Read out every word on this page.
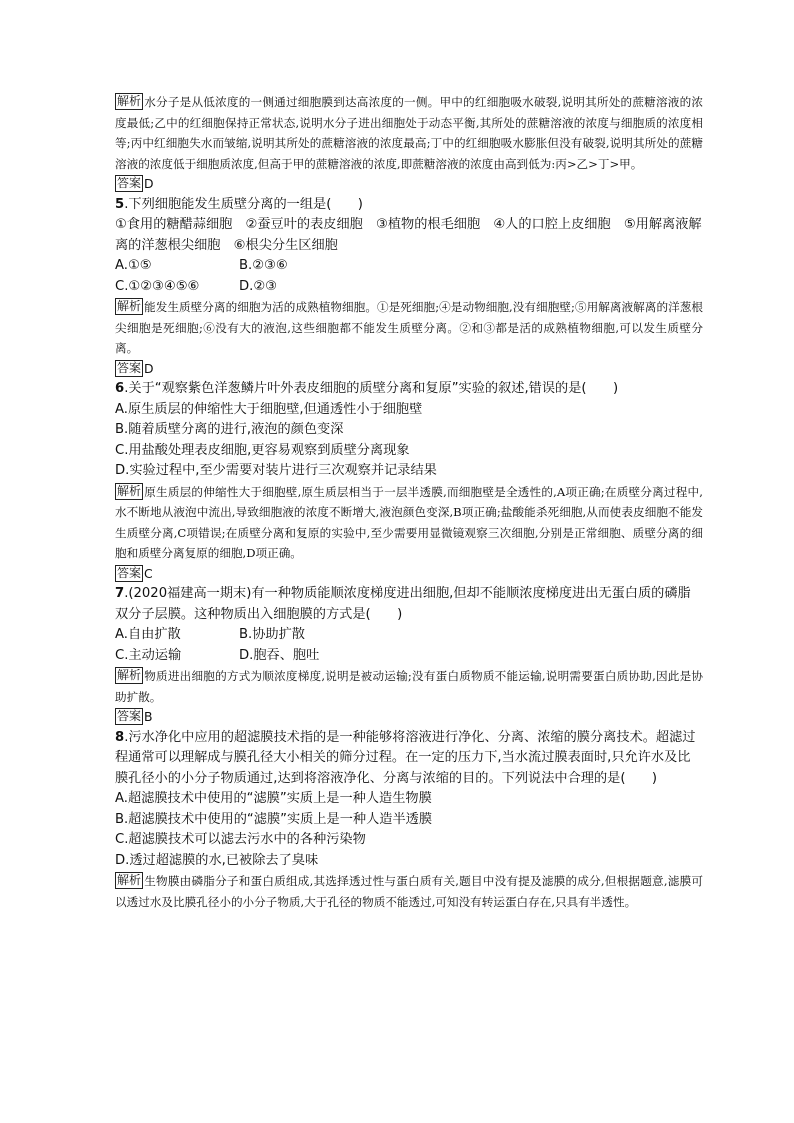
解析 水分子是从低浓度的一侧通过细胞膜到达高浓度的一侧。甲中的红细胞吸水破裂,说明其所处的蔗糖溶液的浓度最低;乙中的红细胞保持正常状态,说明水分子进出细胞处于动态平衡,其所处的蔗糖溶液的浓度与细胞质的浓度相等;丙中红细胞失水而皱缩,说明其所处的蔗糖溶液的浓度最高;丁中的红细胞吸水膨胀但没有破裂,说明其所处的蔗糖溶液的浓度低于细胞质浓度,但高于甲的蔗糖溶液的浓度,即蔗糖溶液的浓度由高到低为:丙>乙>丁>甲。

答案 D

5.下列细胞能发生质壁分离的一组是(　　)

①食用的糖醋蒜细胞　②蚕豆叶的表皮细胞　③植物的根毛细胞　④人的口腔上皮细胞　⑤用解离液解离的洋葱根尖细胞　⑥根尖分生区细胞

A.①⑤	B.②③⑥
C.①②③④⑤⑥	D.②③

解析 能发生质壁分离的细胞为活的成熟植物细胞。①是死细胞;④是动物细胞,没有细胞壁;⑤用解离液解离的洋葱根尖细胞是死细胞;⑥没有大的液泡,这些细胞都不能发生质壁分离。②和③都是活的成熟植物细胞,可以发生质壁分离。

答案 D

6.关于“观察紫色洋葱鳞片叶外表皮细胞的质壁分离和复原”实验的叙述,错误的是(　　)

A.原生质层的伸缩性大于细胞壁,但通透性小于细胞壁

B.随着质壁分离的进行,液泡的颜色变深

C.用盐酸处理表皮细胞,更容易观察到质壁分离现象

D.实验过程中,至少需要对装片进行三次观察并记录结果

解析 原生质层的伸缩性大于细胞壁,原生质层相当于一层半透膜,而细胞壁是全透性的,A项正确;在质壁分离过程中,水不断地从液泡中流出,导致细胞液的浓度不断增大,液泡颜色变深,B项正确;盐酸能杀死细胞,从而使表皮细胞不能发生质壁分离,C项错误;在质壁分离和复原的实验中,至少需要用显微镜观察三次细胞,分别是正常细胞、质壁分离的细胞和质壁分离复原的细胞,D项正确。

答案 C

7.(2020福建高一期末)有一种物质能顺浓度梯度进出细胞,但却不能顺浓度梯度进出无蛋白质的磷脂双分子层膜。这种物质出入细胞膜的方式是(　　)

A.自由扩散	B.协助扩散
C.主动运输	D.胞吞、胞吐

解析 物质进出细胞的方式为顺浓度梯度,说明是被动运输;没有蛋白质物质不能运输,说明需要蛋白质协助,因此是协助扩散。

答案 B

8.污水净化中应用的超滤膜技术指的是一种能够将溶液进行净化、分离、浓缩的膜分离技术。超滤过程通常可以理解成与膜孔径大小相关的筛分过程。在一定的压力下,当水流过膜表面时,只允许水及比膜孔径小的小分子物质通过,达到将溶液净化、分离与浓缩的目的。下列说法中合理的是(　　)

A.超滤膜技术中使用的“滤膜”实质上是一种人造生物膜

B.超滤膜技术中使用的“滤膜”实质上是一种人造半透膜

C.超滤膜技术可以滤去污水中的各种污染物

D.透过超滤膜的水,已被除去了臭味

解析 生物膜由磷脂分子和蛋白质组成,其选择透过性与蛋白质有关,题目中没有提及滤膜的成分,但根据题意,滤膜可以透过水及比膜孔径小的小分子物质,大于孔径的物质不能透过,可知没有转运蛋白存在,只具有半透性。
